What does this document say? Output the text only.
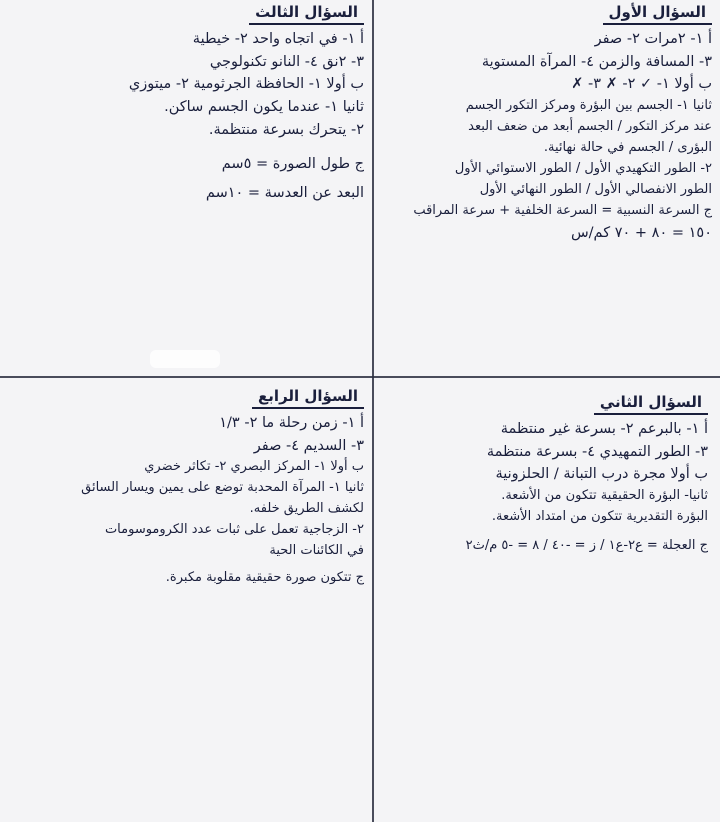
السؤال الأول
أ ١- ٢مرات ٢- صفر
٣- المسافة والزمن ٤- المرآة المستوية
ب أولا ١- ✓ ٢- ✗ ٣- ✗
ثانيا ١- الجسم بين البؤرة ومركز التكور الجسم
عند مركز التكور / الجسم أبعد من ضعف البعد
البؤرى / الجسم في حالة نهائية.
٢- الطور التكهيدي الأول / الطور الاستوائي الأول
الطور الانفصالي الأول / الطور النهائي الأول
ج السرعة النسبية = السرعة الخلفية + سرعة المراقب
١٥٠ = ٨٠ + ٧٠ كم/س
السؤال الثالث
أ ١- في اتجاه واحد ٢- خيطية
٣- ٢نق ٤- النانو تكنولوجي
ب أولا ١- الحافظة الجرثومية ٢- ميتوزي
ثانيا ١- عندما يكون الجسم ساكن.
٢- يتحرك بسرعة منتظمة.
ج طول الصورة = ٥سم
البعد عن العدسة = ١٠سم
السؤال الثاني
أ ١- بالبرعم ٢- بسرعة غير منتظمة
٣- الطور التمهيدي ٤- بسرعة منتظمة
ب أولا مجرة درب التبانة / الحلزونية
ثانيا- البؤرة الحقيقية تتكون من الأشعة.
البؤرة التقديرية تتكون من امتداد الأشعة.
ج العجلة = ع٢-ع١ / ز = -٤٠ / ٨ = -٥ م/ث٢
السؤال الرابع
أ ١- زمن رحلة ما ٢- ١/٣
٣- السديم ٤- صفر
ب أولا ١- المركز البصري ٢- تكاثر خضري
ثانيا ١- المرآة المحدبة توضع على يمين ويسار السائق
لكشف الطريق خلفه.
٢- الزجاجية تعمل على ثبات عدد الكروموسومات
في الكائنات الحية
ج تتكون صورة حقيقية مقلوبة مكبرة.
